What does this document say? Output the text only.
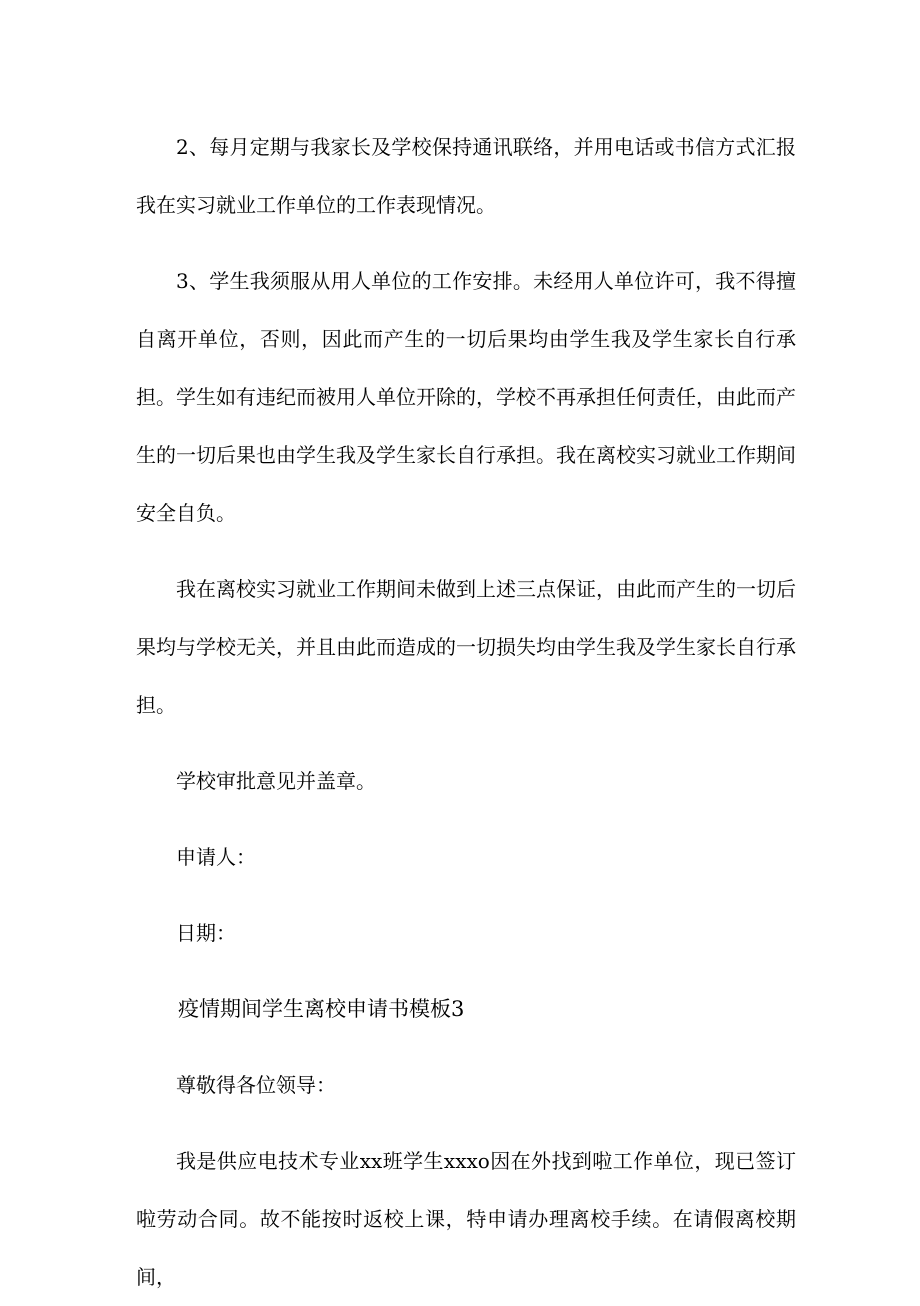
2、每月定期与我家长及学校保持通讯联络，并用电话或书信方式汇报我在实习就业工作单位的工作表现情况。

3、学生我须服从用人单位的工作安排。未经用人单位许可，我不得擅自离开单位，否则，因此而产生的一切后果均由学生我及学生家长自行承担。学生如有违纪而被用人单位开除的，学校不再承担任何责任，由此而产生的一切后果也由学生我及学生家长自行承担。我在离校实习就业工作期间安全自负。

我在离校实习就业工作期间未做到上述三点保证，由此而产生的一切后果均与学校无关，并且由此而造成的一切损失均由学生我及学生家长自行承担。

学校审批意见并盖章。

申请人：

日期：

疫情期间学生离校申请书模板3

尊敬得各位领导：

我是供应电技术专业xx班学生xxxo因在外找到啦工作单位，现已签订啦劳动合同。故不能按时返校上课，特申请办理离校手续。在请假离校期间，
